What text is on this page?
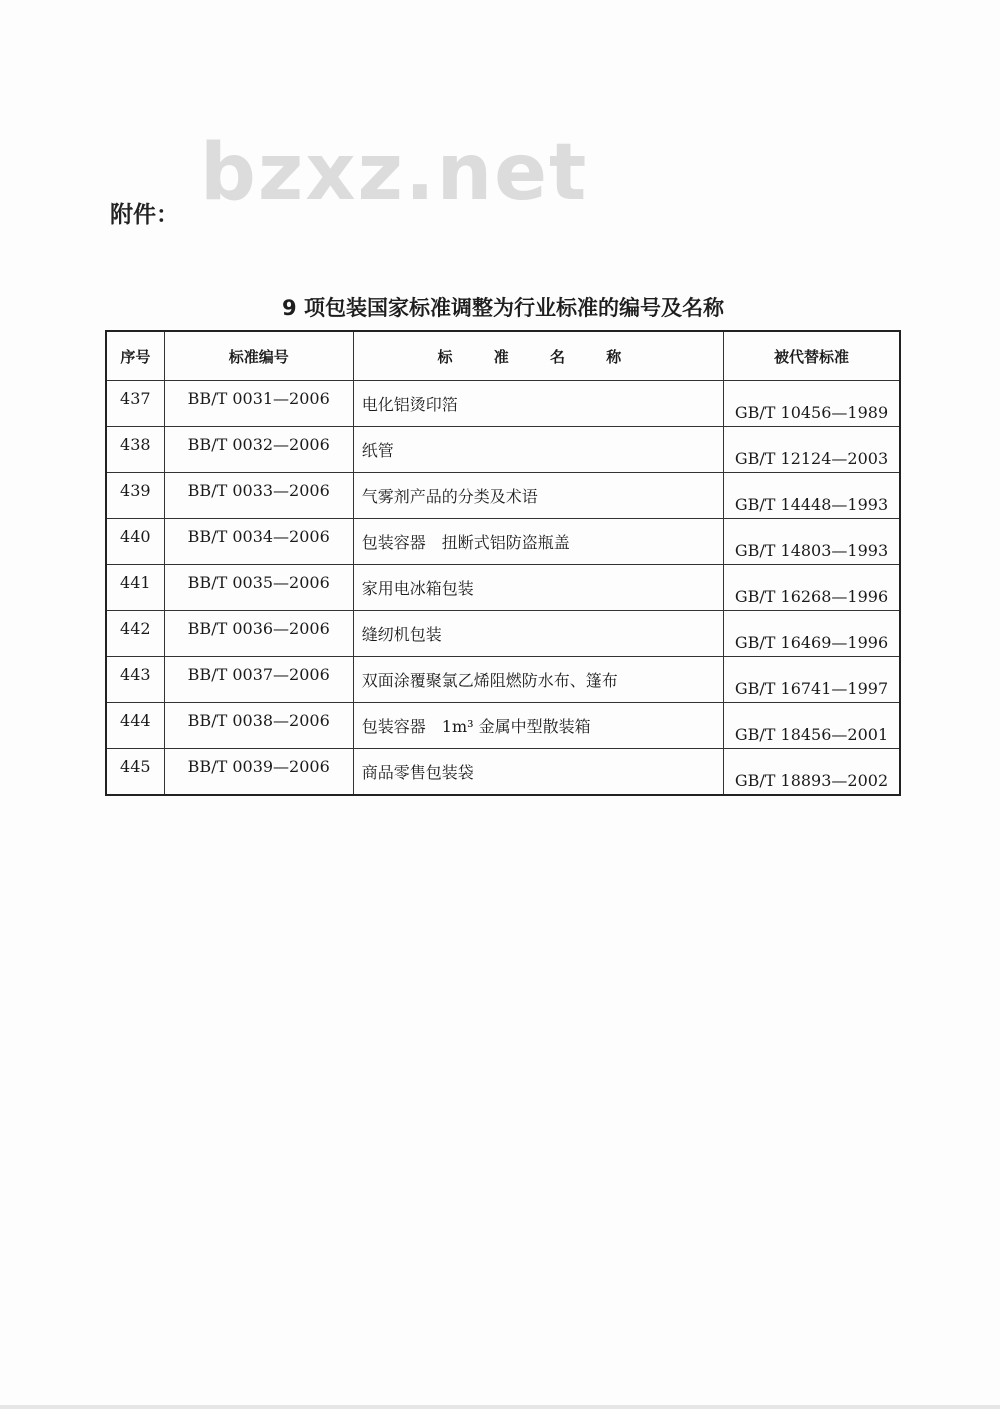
bzxz.net
附件：
9 项包装国家标准调整为行业标准的编号及名称
序号	标准编号	标 准 名 称	被代替标准
437	BB/T 0031—2006	电化铝烫印箔	GB/T 10456—1989
438	BB/T 0032—2006	纸管	GB/T 12124—2003
439	BB/T 0033—2006	气雾剂产品的分类及术语	GB/T 14448—1993
440	BB/T 0034—2006	包装容器　扭断式铝防盗瓶盖	GB/T 14803—1993
441	BB/T 0035—2006	家用电冰箱包装	GB/T 16268—1996
442	BB/T 0036—2006	缝纫机包装	GB/T 16469—1996
443	BB/T 0037—2006	双面涂覆聚氯乙烯阻燃防水布、篷布	GB/T 16741—1997
444	BB/T 0038—2006	包装容器　1m³ 金属中型散装箱	GB/T 18456—2001
445	BB/T 0039—2006	商品零售包装袋	GB/T 18893—2002
